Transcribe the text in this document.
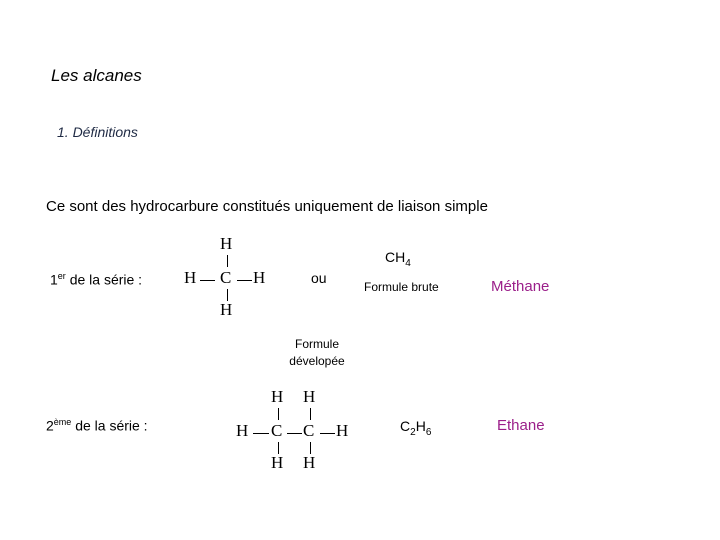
Les alcanes
1. Définitions
Ce sont des hydrocarbure constitués uniquement de liaison simple
1er de la série :
H
H C H
H
ou
$CH_4$
Formule brute	Méthane
Formule
dévelopée
2ème de la série :
H H
H C C H
H H
$C_2H_6$	Ethane
